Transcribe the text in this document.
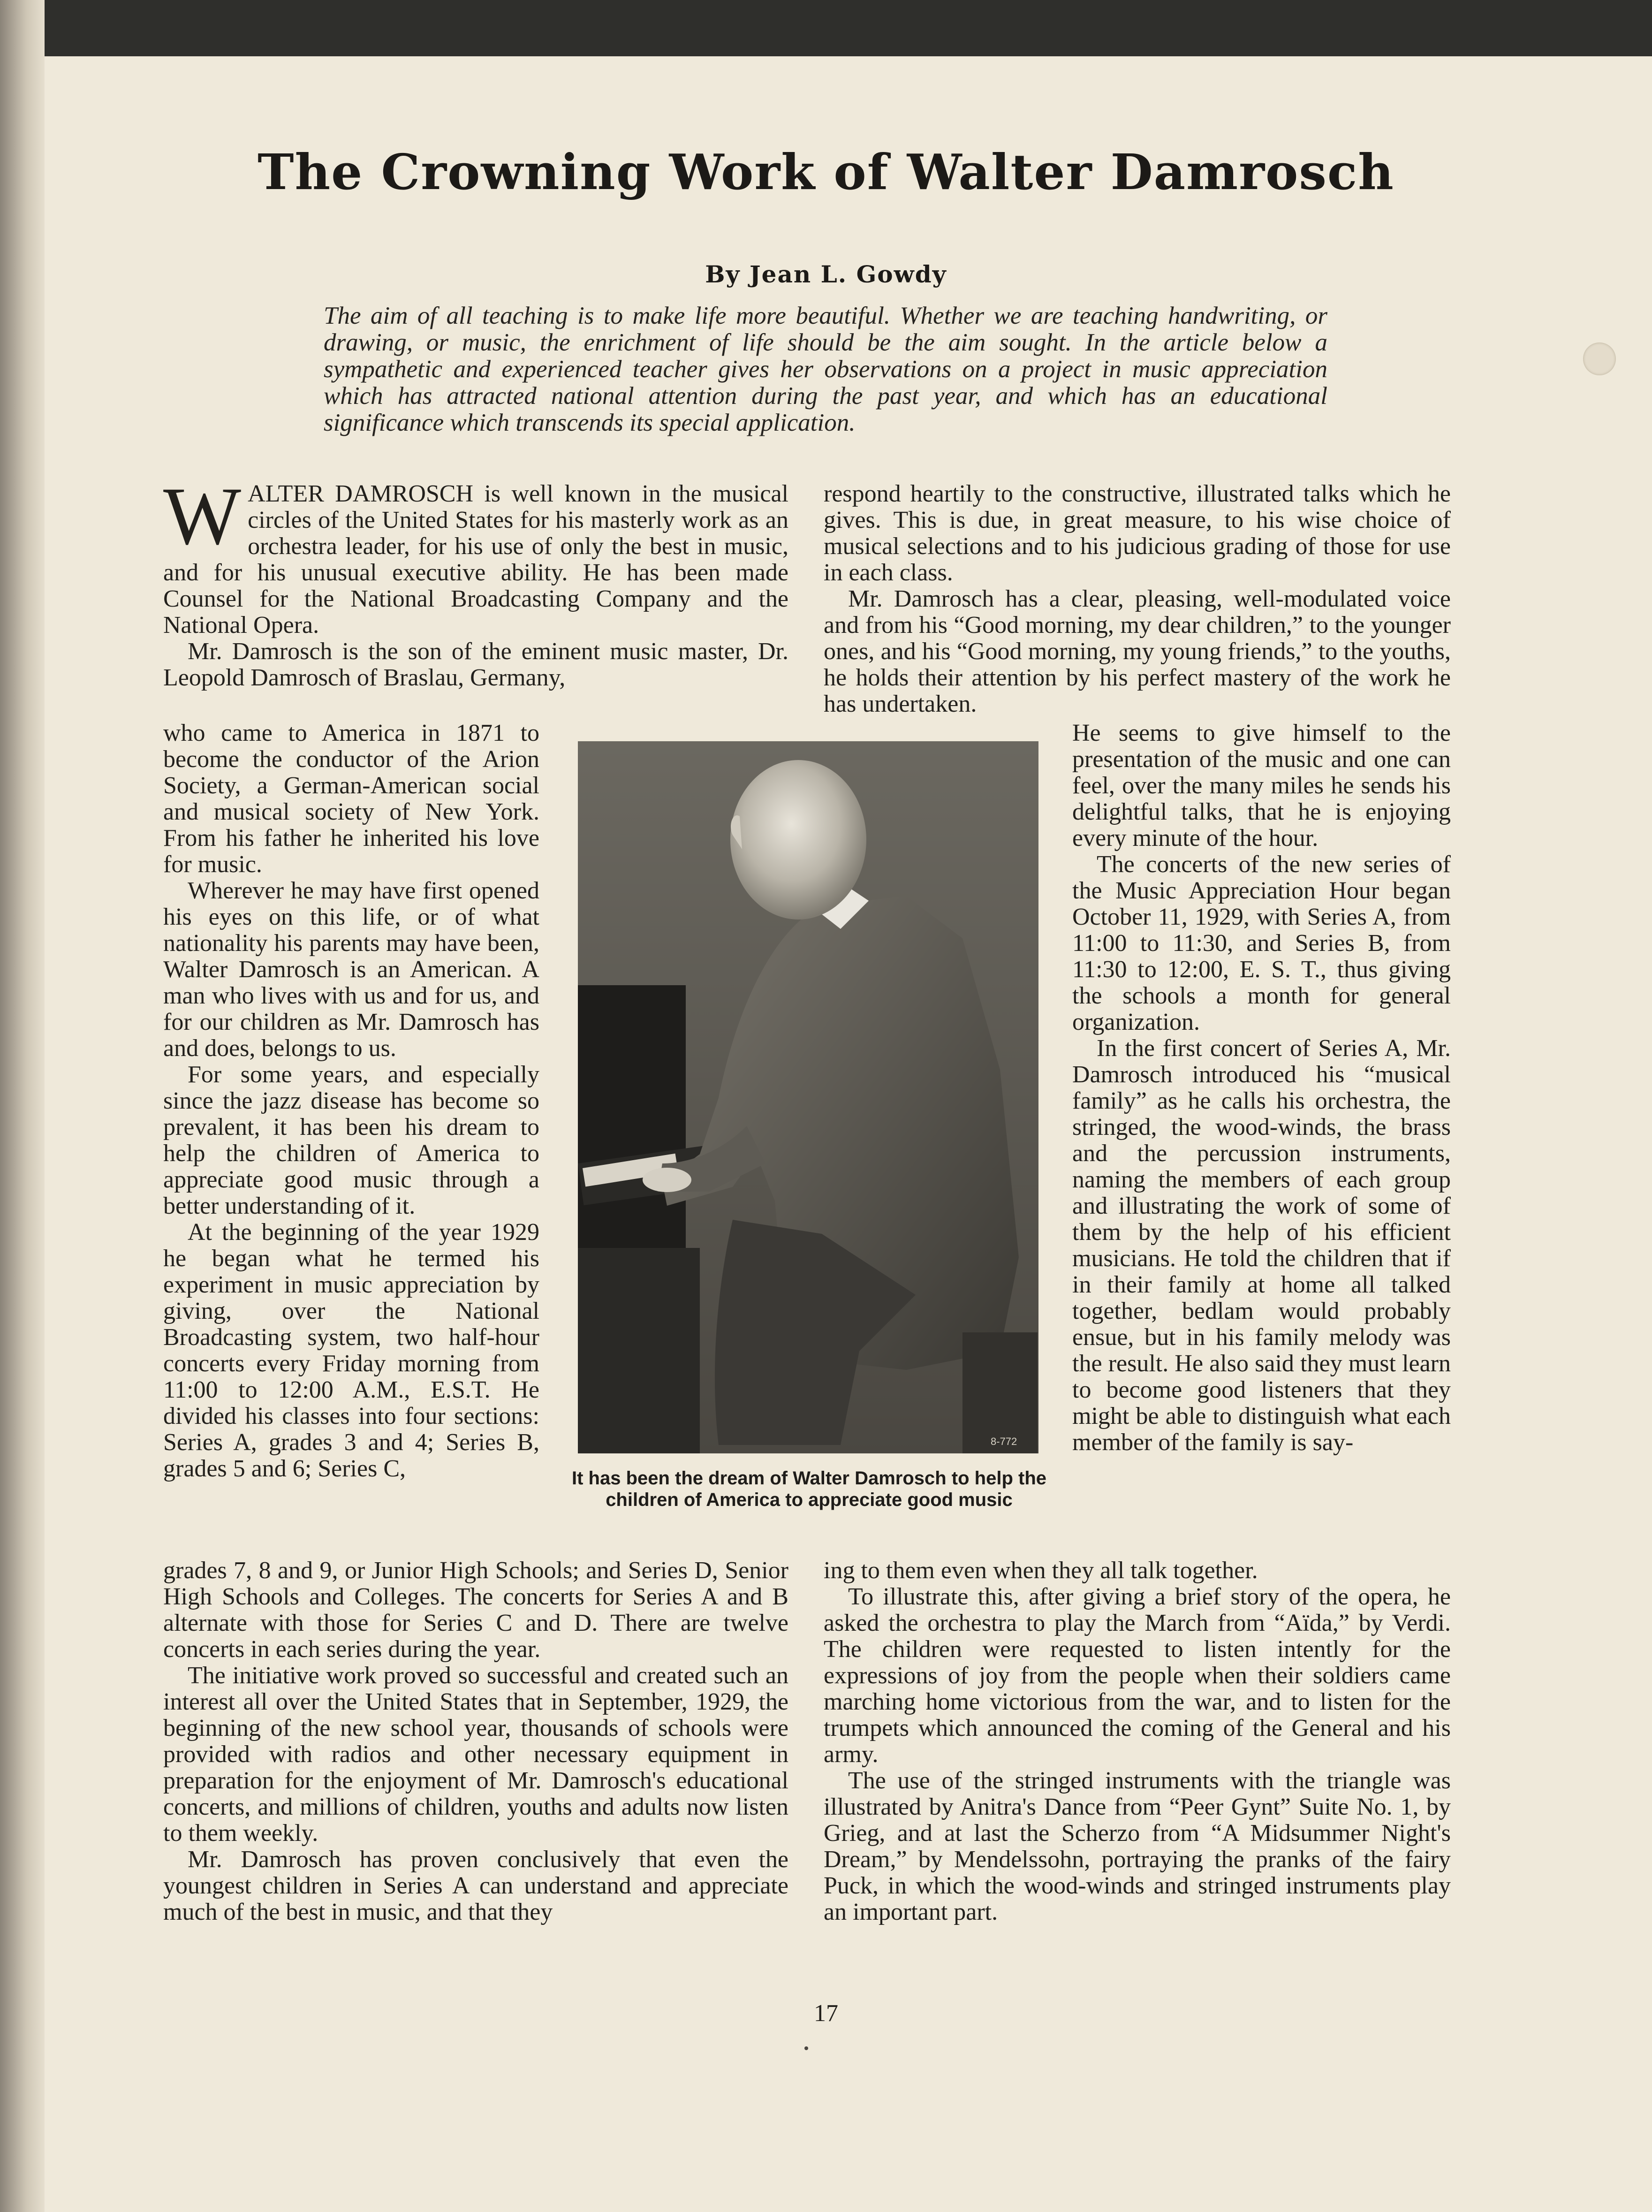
The Crowning Work of Walter Damrosch
By Jean L. Gowdy

The aim of all teaching is to make life more beautiful. Whether we are teaching handwriting, or drawing, or music, the enrichment of life should be the aim sought. In the article below a sympathetic and experienced teacher gives her observations on a project in music appreciation which has attracted national attention during the past year, and which has an educational significance which transcends its special application.

WALTER DAMROSCH is well known in the musical circles of the United States for his masterly work as an orchestra leader, for his use of only the best in music, and for his unusual executive ability. He has been made Counsel for the National Broadcasting Company and the National Opera.

Mr. Damrosch is the son of the eminent music master, Dr. Leopold Damrosch of Braslau, Germany,

who came to America in 1871 to become the conductor of the Arion Society, a German-American social and musical society of New York. From his father he inherited his love for music.

Wherever he may have first opened his eyes on this life, or of what nationality his parents may have been, Walter Damrosch is an American. A man who lives with us and for us, and for our children as Mr. Damrosch has and does, belongs to us.

For some years, and especially since the jazz disease has become so prevalent, it has been his dream to help the children of America to appreciate good music through a better understanding of it.

At the beginning of the year 1929 he began what he termed his experiment in music appreciation by giving, over the National Broadcasting system, two half-hour concerts every Friday morning from 11:00 to 12:00 A.M., E.S.T. He divided his classes into four sections: Series A, grades 3 and 4; Series B, grades 5 and 6; Series C,

grades 7, 8 and 9, or Junior High Schools; and Series D, Senior High Schools and Colleges. The concerts for Series A and B alternate with those for Series C and D. There are twelve concerts in each series during the year.

The initiative work proved so successful and created such an interest all over the United States that in September, 1929, the beginning of the new school year, thousands of schools were provided with radios and other necessary equipment in preparation for the enjoyment of Mr. Damrosch's educational concerts, and millions of children, youths and adults now listen to them weekly.

Mr. Damrosch has proven conclusively that even the youngest children in Series A can understand and appreciate much of the best in music, and that they

respond heartily to the constructive, illustrated talks which he gives. This is due, in great measure, to his wise choice of musical selections and to his judicious grading of those for use in each class.

Mr. Damrosch has a clear, pleasing, well-modulated voice and from his “Good morning, my dear children,” to the younger ones, and his “Good morning, my young friends,” to the youths, he holds their attention by his perfect mastery of the work he has undertaken.

He seems to give himself to the presentation of the music and one can feel, over the many miles he sends his delightful talks, that he is enjoying every minute of the hour.

The concerts of the new series of the Music Appreciation Hour began October 11, 1929, with Series A, from 11:00 to 11:30, and Series B, from 11:30 to 12:00, E. S. T., thus giving the schools a month for general organization.

In the first concert of Series A, Mr. Damrosch introduced his “musical family” as he calls his orchestra, the stringed, the wood-winds, the brass and the percussion instruments, naming the members of each group and illustrating the work of some of them by the help of his efficient musicians. He told the children that if in their family at home all talked together, bedlam would probably ensue, but in his family melody was the result. He also said they must learn to become good listeners that they might be able to distinguish what each member of the family is say-

ing to them even when they all talk together.

To illustrate this, after giving a brief story of the opera, he asked the orchestra to play the March from “Aïda,” by Verdi. The children were requested to listen intently for the expressions of joy from the people when their soldiers came marching home victorious from the war, and to listen for the trumpets which announced the coming of the General and his army.

The use of the stringed instruments with the triangle was illustrated by Anitra's Dance from “Peer Gynt” Suite No. 1, by Grieg, and at last the Scherzo from “A Midsummer Night's Dream,” by Mendelssohn, portraying the pranks of the fairy Puck, in which the wood-winds and stringed instruments play an important part.

8-772

It has been the dream of Walter Damrosch to help the children of America to appreciate good music

17
